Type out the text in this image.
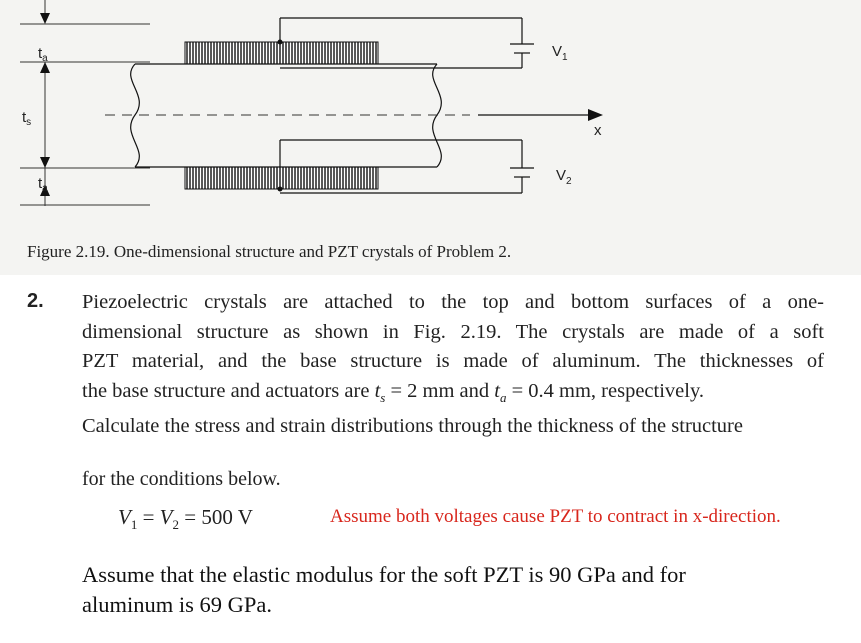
$t_a$
$t_s$
$t_a$
x
$V_1$
$V_2$
Figure 2.19. One-dimensional structure and PZT crystals of Problem 2.
2. Piezoelectric crystals are attached to the top and bottom surfaces of a one-
dimensional structure as shown in Fig. 2.19. The crystals are made of a soft
PZT material, and the base structure is made of aluminum. The thicknesses of
the base structure and actuators are $t_s = 2$ mm and $t_a = 0.4$ mm, respectively.
Calculate the stress and strain distributions through the thickness of the structure
for the conditions below.
$V_1 = V_2 = 500$ V	Assume both voltages cause PZT to contract in x-direction.
Assume that the elastic modulus for the soft PZT is 90 GPa and for
aluminum is 69 GPa.
